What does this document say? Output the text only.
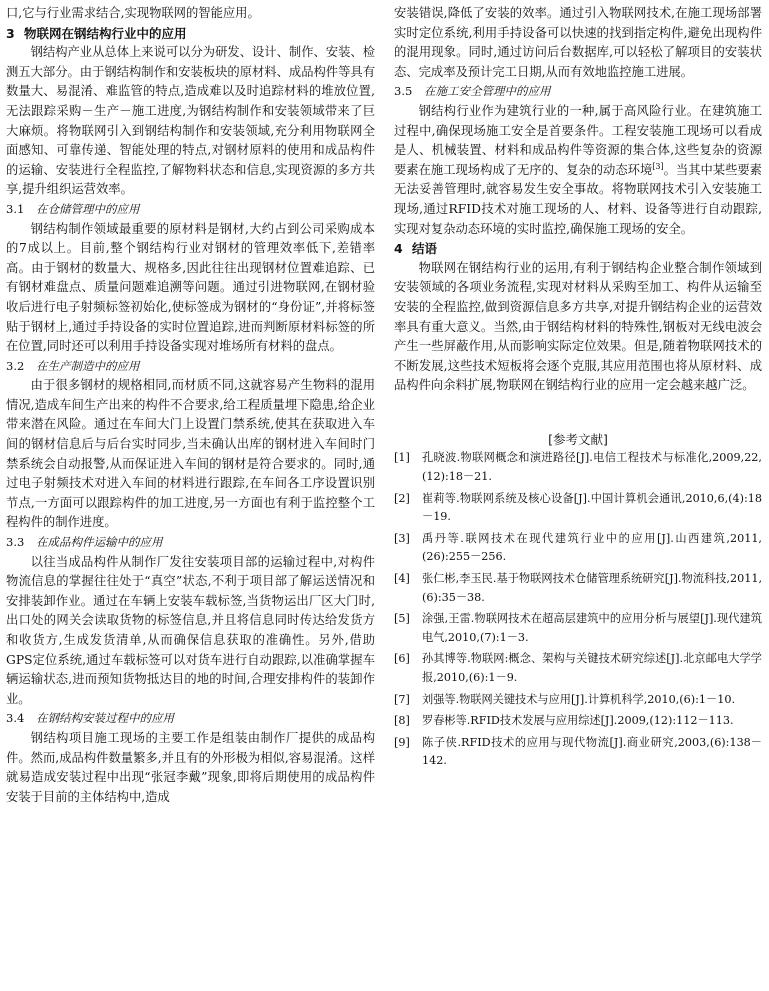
口,它与行业需求结合,实现物联网的智能应用。

3 物联网在钢结构行业中的应用

钢结构产业从总体上来说可以分为研发、设计、制作、安装、检测五大部分。由于钢结构制作和安装板块的原材料、成品构件等具有数量大、易混淆、难监管的特点,造成难以及时追踪材料的堆放位置,无法跟踪采购－生产－施工进度,为钢结构制作和安装领域带来了巨大麻烦。将物联网引入到钢结构制作和安装领域,充分利用物联网全面感知、可靠传递、智能处理的特点,对钢材原料的使用和成品构件的运输、安装进行全程监控,了解物料状态和信息,实现资源的多方共享,提升组织运营效率。

3.1 在仓储管理中的应用

钢结构制作领域最重要的原材料是钢材,大约占到公司采购成本的7成以上。目前,整个钢结构行业对钢材的管理效率低下,差错率高。由于钢材的数量大、规格多,因此往往出现钢材位置难追踪、已有钢材难盘点、质量问题难追溯等问题。通过引进物联网,在钢材验收后进行电子射频标签初始化,使标签成为钢材的“身份证”,并将标签贴于钢材上,通过手持设备的实时位置追踪,进而判断原材料标签的所在位置,同时还可以利用手持设备实现对堆场所有材料的盘点。

3.2 在生产制造中的应用

由于很多钢材的规格相同,而材质不同,这就容易产生物料的混用情况,造成车间生产出来的构件不合要求,给工程质量埋下隐患,给企业带来潜在风险。通过在车间大门上设置门禁系统,使其在获取进入车间的钢材信息后与后台实时同步,当未确认出库的钢材进入车间时门禁系统会自动报警,从而保证进入车间的钢材是符合要求的。同时,通过电子射频技术对进入车间的材料进行跟踪,在车间各工序设置识别节点,一方面可以跟踪构件的加工进度,另一方面也有利于监控整个工程构件的制作进度。

3.3 在成品构件运输中的应用

以往当成品构件从制作厂发往安装项目部的运输过程中,对构件物流信息的掌握往往处于“真空”状态,不利于项目部了解运送情况和安排装卸作业。通过在车辆上安装车载标签,当货物运出厂区大门时,出口处的网关会读取货物的标签信息,并且将信息同时传达给发货方和收货方,生成发货清单,从而确保信息获取的准确性。另外,借助GPS定位系统,通过车载标签可以对货车进行自动跟踪,以准确掌握车辆运输状态,进而预知货物抵达目的地的时间,合理安排构件的装卸作业。

3.4 在钢结构安装过程中的应用

钢结构项目施工现场的主要工作是组装由制作厂提供的成品构件。然而,成品构件数量繁多,并且有的外形极为相似,容易混淆。这样就易造成安装过程中出现“张冠李戴”现象,即将后期使用的成品构件安装于目前的主体结构中,造成

安装错误,降低了安装的效率。通过引入物联网技术,在施工现场部署实时定位系统,利用手持设备可以快速的找到指定构件,避免出现构件的混用现象。同时,通过访问后台数据库,可以轻松了解项目的安装状态、完成率及预计完工日期,从而有效地监控施工进展。

3.5 在施工安全管理中的应用

钢结构行业作为建筑行业的一种,属于高风险行业。在建筑施工过程中,确保现场施工安全是首要条件。工程安装施工现场可以看成是人、机械装置、材料和成品构件等资源的集合体,这些复杂的资源要素在施工现场构成了无序的、复杂的动态环境[3]。当其中某些要素无法妥善管理时,就容易发生安全事故。将物联网技术引入安装施工现场,通过RFID技术对施工现场的人、材料、设备等进行自动跟踪,实现对复杂动态环境的实时监控,确保施工现场的安全。

4 结语

物联网在钢结构行业的运用,有利于钢结构企业整合制作领域到安装领域的各项业务流程,实现对材料从采购至加工、构件从运输至安装的全程监控,做到资源信息多方共享,对提升钢结构企业的运营效率具有重大意义。当然,由于钢结构材料的特殊性,钢板对无线电波会产生一些屏蔽作用,从而影响实际定位效果。但是,随着物联网技术的不断发展,这些技术短板将会逐个克服,其应用范围也将从原材料、成品构件向余料扩展,物联网在钢结构行业的应用一定会越来越广泛。

[参考文献]
[1] 孔晓波.物联网概念和演进路径[J].电信工程技术与标准化,2009,22,(12):18－21.
[2] 崔莉等.物联网系统及核心设备[J].中国计算机会通讯,2010,6,(4):18－19.
[3] 禹丹等.联网技术在现代建筑行业中的应用[J].山西建筑,2011,(26):255－256.
[4] 张仁彬,李玉民.基于物联网技术仓储管理系统研究[J].物流科技,2011,(6):35－38.
[5] 涂强,王雷.物联网技术在超高层建筑中的应用分析与展望[J].现代建筑电气,2010,(7):1－3.
[6] 孙其博等.物联网:概念、架构与关键技术研究综述[J].北京邮电大学学报,2010,(6):1－9.
[7] 刘强等.物联网关键技术与应用[J].计算机科学,2010,(6):1－10.
[8] 罗春彬等.RFID技术发展与应用综述[J].2009,(12):112－113.
[9] 陈子侠.RFID技术的应用与现代物流[J].商业研究,2003,(6):138－142.
